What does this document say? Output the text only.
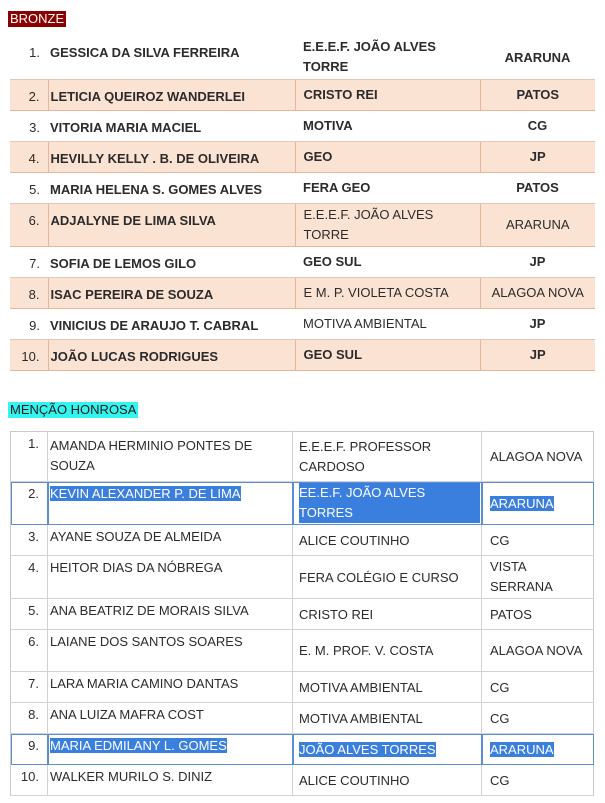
BRONZE
1.	GESSICA DA SILVA FERREIRA	E.E.E.F. JOÃO ALVES TORRE	ARARUNA
2.	LETICIA QUEIROZ WANDERLEI	CRISTO REI	PATOS
3.	VITORIA MARIA MACIEL	MOTIVA	CG
4.	HEVILLY KELLY . B. DE OLIVEIRA	GEO	JP
5.	MARIA HELENA S. GOMES ALVES	FERA GEO	PATOS
6.	ADJALYNE DE LIMA SILVA	E.E.E.F. JOÃO ALVES TORRE	ARARUNA
7.	SOFIA DE LEMOS GILO	GEO SUL	JP
8.	ISAC PEREIRA DE SOUZA	E M. P. VIOLETA COSTA	ALAGOA NOVA
9.	VINICIUS DE ARAUJO T. CABRAL	MOTIVA AMBIENTAL	JP
10.	JOÃO LUCAS RODRIGUES	GEO SUL	JP
MENÇÃO HONROSA
1.	AMANDA HERMINIO PONTES DE SOUZA	E.E.E.F. PROFESSOR CARDOSO	ALAGOA NOVA

2.	KEVIN ALEXANDER P. DE LIMA	EE.E.F. JOÃO ALVES TORRES	ARARUNA
3.	AYANE SOUZA DE ALMEIDA	ALICE COUTINHO	CG
4.	HEITOR DIAS DA NÓBREGA	FERA COLÉGIO E CURSO	VISTA SERRANA

5.	ANA BEATRIZ DE MORAIS SILVA	CRISTO REI	PATOS
6.	LAIANE DOS SANTOS SOARES	E. M. PROF. V. COSTA	ALAGOA NOVA

7.	LARA MARIA CAMINO DANTAS	MOTIVA AMBIENTAL	CG
8.	ANA LUIZA MAFRA COST	MOTIVA AMBIENTAL	CG
9.	MARIA EDMILANY L. GOMES	JOÃO ALVES TORRES	ARARUNA
10.	WALKER MURILO S. DINIZ	ALICE COUTINHO	CG
